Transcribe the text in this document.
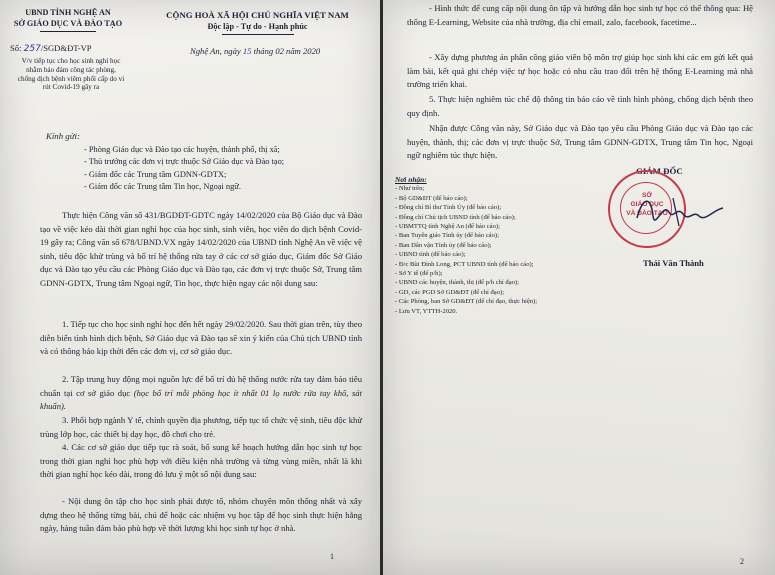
UBND TỈNH NGHỆ AN
SỞ GIÁO DỤC VÀ ĐÀO TẠO
CỘNG HOÀ XÃ HỘI CHỦ NGHĨA VIỆT NAM
Độc lập - Tự do - Hạnh phúc
Số: 257/SGD&ĐT-VP	Nghệ An, ngày 15 tháng 02 năm 2020
V/v tiếp tục cho học sinh nghỉ học
nhằm bảo đảm công tác phòng,
chống dịch bệnh viêm phổi cấp do vi
rút Covid-19 gây ra
Kính gửi:
- Phòng Giáo dục và Đào tạo các huyện, thành phố, thị xã;
- Thủ trưởng các đơn vị trực thuộc Sở Giáo dục và Đào tạo;
- Giám đốc các Trung tâm GDNN-GDTX;
- Giám đốc các Trung tâm Tin học, Ngoại ngữ.
Thực hiện Công văn số 431/BGDĐT-GDTC ngày 14/02/2020 của Bộ Giáo dục và Đào tạo về việc kéo dài thời gian nghỉ học của học sinh, sinh viên, học viên do dịch bệnh Covid-19 gây ra; Công văn số 678/UBND.VX ngày 14/02/2020 của UBND tỉnh Nghệ An về việc vệ sinh, tiêu độc khử trùng và bố trí hệ thống rửa tay ở các cơ sở giáo dục, Giám đốc Sở Giáo dục và Đào tạo yêu cầu các Phòng Giáo dục và Đào tạo, các đơn vị trực thuộc Sở, Trung tâm GDNN-GDTX, Trung tâm Ngoại ngữ, Tin học, thực hiện ngay các nội dung sau:
1. Tiếp tục cho học sinh nghỉ học đến hết ngày 29/02/2020. Sau thời gian trên, tùy theo diễn biến tình hình dịch bệnh, Sở Giáo dục và Đào tạo sẽ xin ý kiến của Chủ tịch UBND tỉnh và có thông báo kịp thời đến các đơn vị, cơ sở giáo dục.
2. Tập trung huy động mọi nguồn lực để bố trí đủ hệ thống nước rửa tay đảm bảo tiêu chuẩn tại cơ sở giáo dục (học bố trí mỗi phòng học ít nhất 01 lọ nước rửa tay khô, sát khuẩn).
3. Phối hợp ngành Y tế, chính quyền địa phương, tiếp tục tổ chức vệ sinh, tiêu độc khử trùng lớp học, các thiết bị dạy học, đồ chơi cho trẻ.
4. Các cơ sở giáo dục tiếp tục rà soát, bổ sung kế hoạch hướng dẫn học sinh tự học trong thời gian nghỉ học phù hợp với điều kiện nhà trường và từng vùng miền, nhất là khi thời gian nghỉ học kéo dài, trong đó lưu ý một số nội dung sau:
- Nội dung ôn tập cho học sinh phải được tổ, nhóm chuyên môn thống nhất và xây dựng theo hệ thống từng bài, chú để hoặc các nhiệm vụ học tập để học sinh thực hiện hằng ngày, hàng tuần đảm bảo phù hợp về thời lượng khi học sinh tự học ở nhà.
1
- Hình thức để cung cấp nội dung ôn tập và hướng dẫn học sinh tự học có thể thông qua: Hệ thống E-Learning, Website của nhà trường, địa chỉ email, zalo, facebook, facetime...
- Xây dựng phương án phân công giáo viên bộ môn trợ giúp học sinh khi các em gửi kết quả làm bài, kết quả ghi chép việc tự học hoặc có nhu cầu trao đổi trên hệ thống E-Learning mà nhà trường triển khai.
5. Thực hiện nghiêm túc chế độ thông tin báo cáo về tình hình phòng, chống dịch bệnh theo quy định.
Nhận được Công văn này, Sở Giáo dục và Đào tạo yêu cầu Phòng Giáo dục và Đào tạo các huyện, thành, thị; các đơn vị trực thuộc Sở, Trung tâm GDNN-GDTX, Trung tâm Tin học, Ngoại ngữ nghiêm túc thực hiện.
Nơi nhận:
- Như trên;
- Bộ GD&ĐT (để báo cáo);
- Đồng chí Bí thư Tỉnh Ủy (để báo cáo);
- Đồng chí Chủ tịch UBND tỉnh (để báo cáo);
- UBMTTQ tỉnh Nghệ An (để báo cáo);
- Ban Tuyên giáo Tỉnh ủy (để báo cáo);
- Ban Dân vận Tỉnh ủy (để báo cáo);
- UBND tỉnh (để báo cáo);
- Đ/c Bùi Đình Long, PCT UBND tỉnh (để báo cáo);
- Sở Y tế (để p/h);
- UBND các huyện, thành, thị (để p/h chỉ đạo);
- GD, các PGD Sở GD&ĐT (để chỉ đạo);
- Các Phòng, ban Sở GD&ĐT (để chỉ đạo, thực hiện);
- Lưu VT, YTTH-2020.
GIÁM ĐỐC
SỞ
GIÁO DỤC
VÀ ĐÀO TẠO
Thái Văn Thành
2
